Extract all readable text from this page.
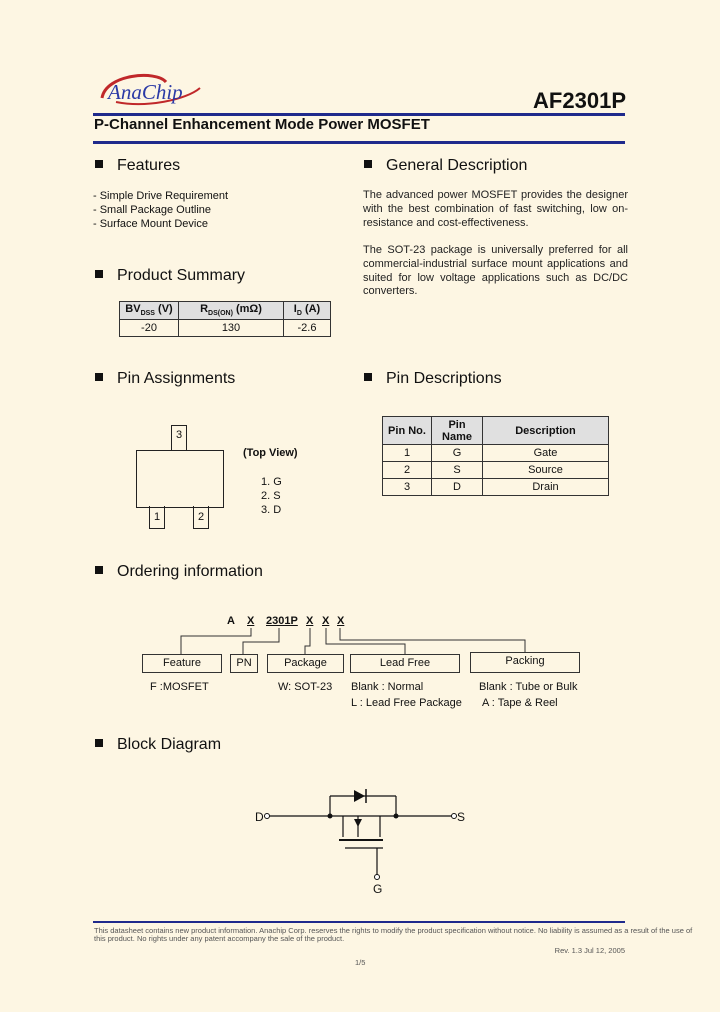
AnaChip	AF2301P
P-Channel Enhancement Mode Power MOSFET
Features
- Simple Drive Requirement
- Small Package Outline
- Surface Mount Device
General Description
The advanced power MOSFET provides the designer with the best combination of fast switching, low on-resistance and cost-effectiveness.
The SOT-23 package is universally preferred for all commercial-industrial surface mount applications and suited for low voltage applications such as DC/DC converters.
Product Summary
$BV_{DSS}$ (V)	$R_{DS(ON)}$ (mΩ)	$I_D$ (A)
-20	130	-2.6
Pin Assignments
3
1	2
(Top View)
1. G
2. S
3. D
Pin Descriptions
Pin No.	Pin Name	Description
1	G	Gate
2	S	Source
3	D	Drain
Ordering information
A X 2301P X X X
Feature	PN	Package	Lead Free	Packing
F :MOSFET	W: SOT-23 Blank : Normal
L : Lead Free Package
Blank : Tube or Bulk
A : Tape & Reel
Block Diagram
D	S
G
This datasheet contains new product information. Anachip Corp. reserves the rights to modify the product specification without notice. No liability is assumed as a result of the use of
this product. No rights under any patent accompany the sale of the product.
Rev. 1.3 Jul 12, 2005
1/5
